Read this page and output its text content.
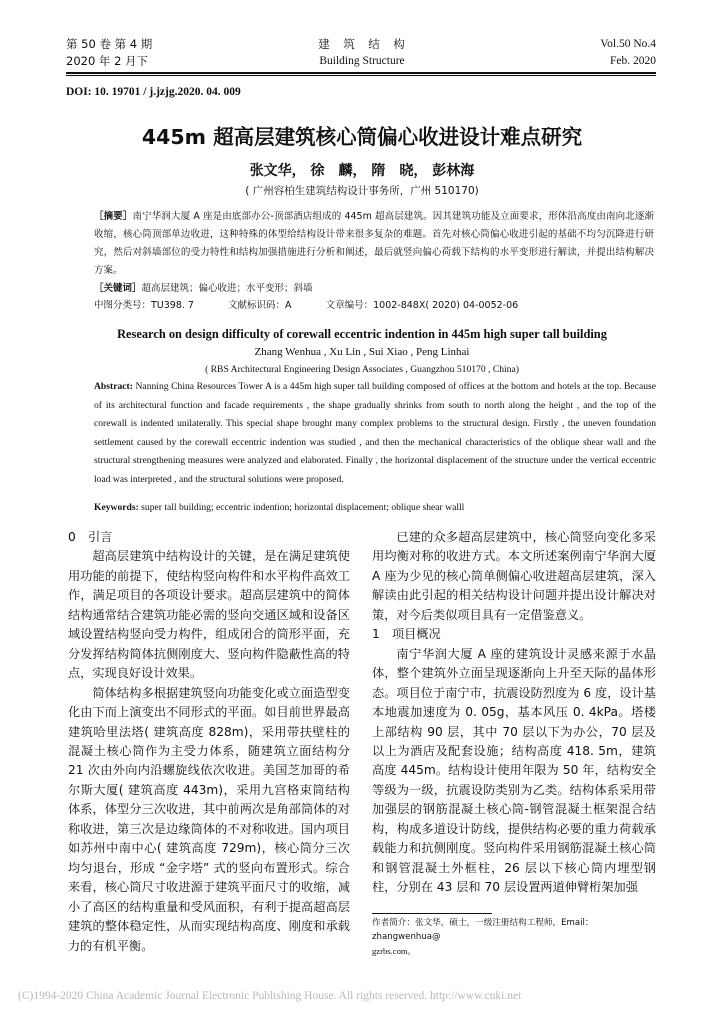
第 50 卷 第 4 期
2020 年 2 月下
建　筑　结　构
Building Structure
Vol.50 No.4
Feb. 2020
DOI: 10. 19701 / j.jzjg.2020. 04. 009
445m 超高层建筑核心筒偏心收进设计难点研究
张文华， 徐　麟， 隋　晓， 彭林海
( 广州容柏生建筑结构设计事务所，广州 510170)
［摘要］南宁华润大厦 A 座是由底部办公-顶部酒店组成的 445m 超高层建筑。因其建筑功能及立面要求，形体沿高度由南向北逐渐收缩，核心筒顶部单边收进，这种特殊的体型给结构设计带来很多复杂的难题。首先对核心筒偏心收进引起的基础不均匀沉降进行研究，然后对斜墙部位的受力特性和结构加强措施进行分析和阐述，最后就竖向偏心荷载下结构的水平变形进行解读，并提出结构解决方案。
［关键词］超高层建筑；偏心收进；水平变形；斜墙
中图分类号：TU398. 7	文献标识码：A	文章编号：1002-848X( 2020) 04-0052-06
Research on design difficulty of corewall eccentric indention in 445m high super tall building
Zhang Wenhua , Xu Lin , Sui Xiao , Peng Linhai
( RBS Architectural Engineering Design Associates , Guangzhou 510170 , China)
Abstract: Nanning China Resources Tower A is a 445m high super tall building composed of offices at the bottom and hotels at the top. Because of its architectural function and facade requirements , the shape gradually shrinks from south to north along the height , and the top of the corewall is indented unilaterally. This special shape brought many complex problems to the structural design. Firstly , the uneven foundation settlement caused by the corewall eccentric indention was studied , and then the mechanical characteristics of the oblique shear wall and the structural strengthening measures were analyzed and elaborated. Finally , the horizontal displacement of the structure under the vertical eccentric load was interpreted , and the structural solutions were proposed.
Keywords: super tall building; eccentric indention; horizontal displacement; oblique shear walll

0　引言

超高层建筑中结构设计的关键，是在满足建筑使用功能的前提下，使结构竖向构件和水平构件高效工作，满足项目的各项设计要求。超高层建筑中的简体结构通常结合建筑功能必需的竖向交通区域和设备区域设置结构竖向受力构件，组成闭合的筒形平面，充分发挥结构简体抗侧刚度大、竖向构件隐蔽性高的特点，实现良好设计效果。

简体结构多根据建筑竖向功能变化或立面造型变化由下而上演变出不同形式的平面。如目前世界最高建筑哈里法塔( 建筑高度 828m)，采用带扶壁柱的混凝土核心筒作为主受力体系，随建筑立面结构分 21 次由外向内沿螺旋线依次收进。美国芝加哥的希尔斯大厦( 建筑高度 443m)，采用九宫格束筒结构体系，体型分三次收进，其中前两次是角部筒体的对称收进，第三次是边缘筒体的不对称收进。国内项目如苏州中南中心( 建筑高度 729m)，核心筒分三次均匀退台，形成 “金字塔” 式的竖向布置形式。综合来看，核心筒尺寸收进源于建筑平面尺寸的收缩，减小了高区的结构重量和受风面积，有利于提高超高层建筑的整体稳定性，从而实现结构高度、刚度和承载力的有机平衡。

已建的众多超高层建筑中，核心筒竖向变化多采用均衡对称的收进方式。本文所述案例南宁华润大厦 A 座为少见的核心筒单侧偏心收进超高层建筑，深入解读由此引起的相关结构设计问题并提出设计解决对策，对今后类似项目具有一定借鉴意义。

1　项目概况

南宁华润大厦 A 座的建筑设计灵感来源于水晶体，整个建筑外立面呈现逐渐向上升至天际的晶体形态。项目位于南宁市，抗震设防烈度为 6 度，设计基本地震加速度为 0. 05g，基本风压 0. 4kPa。塔楼上部结构 90 层，其中 70 层以下为办公，70 层及以上为酒店及配套设施；结构高度 418. 5m，建筑高度 445m。结构设计使用年限为 50 年，结构安全等级为一级，抗震设防类别为乙类。结构体系采用带加强层的钢筋混凝土核心筒-钢管混凝土框架混合结构，构成多道设计防线，提供结构必要的重力荷载承载能力和抗侧刚度。竖向构件采用钢筋混凝土核心筒和钢管混凝土外框柱，26 层以下核心筒内埋型钢柱，分别在 43 层和 70 层设置两道伸臂桁架加强

作者简介：张文华，硕士，一级注册结构工程师，Email：zhangwenhua@
gzrbs.com。
(C)1994-2020 China Academic Journal Electronic Publishing House. All rights reserved. http://www.cnki.net
